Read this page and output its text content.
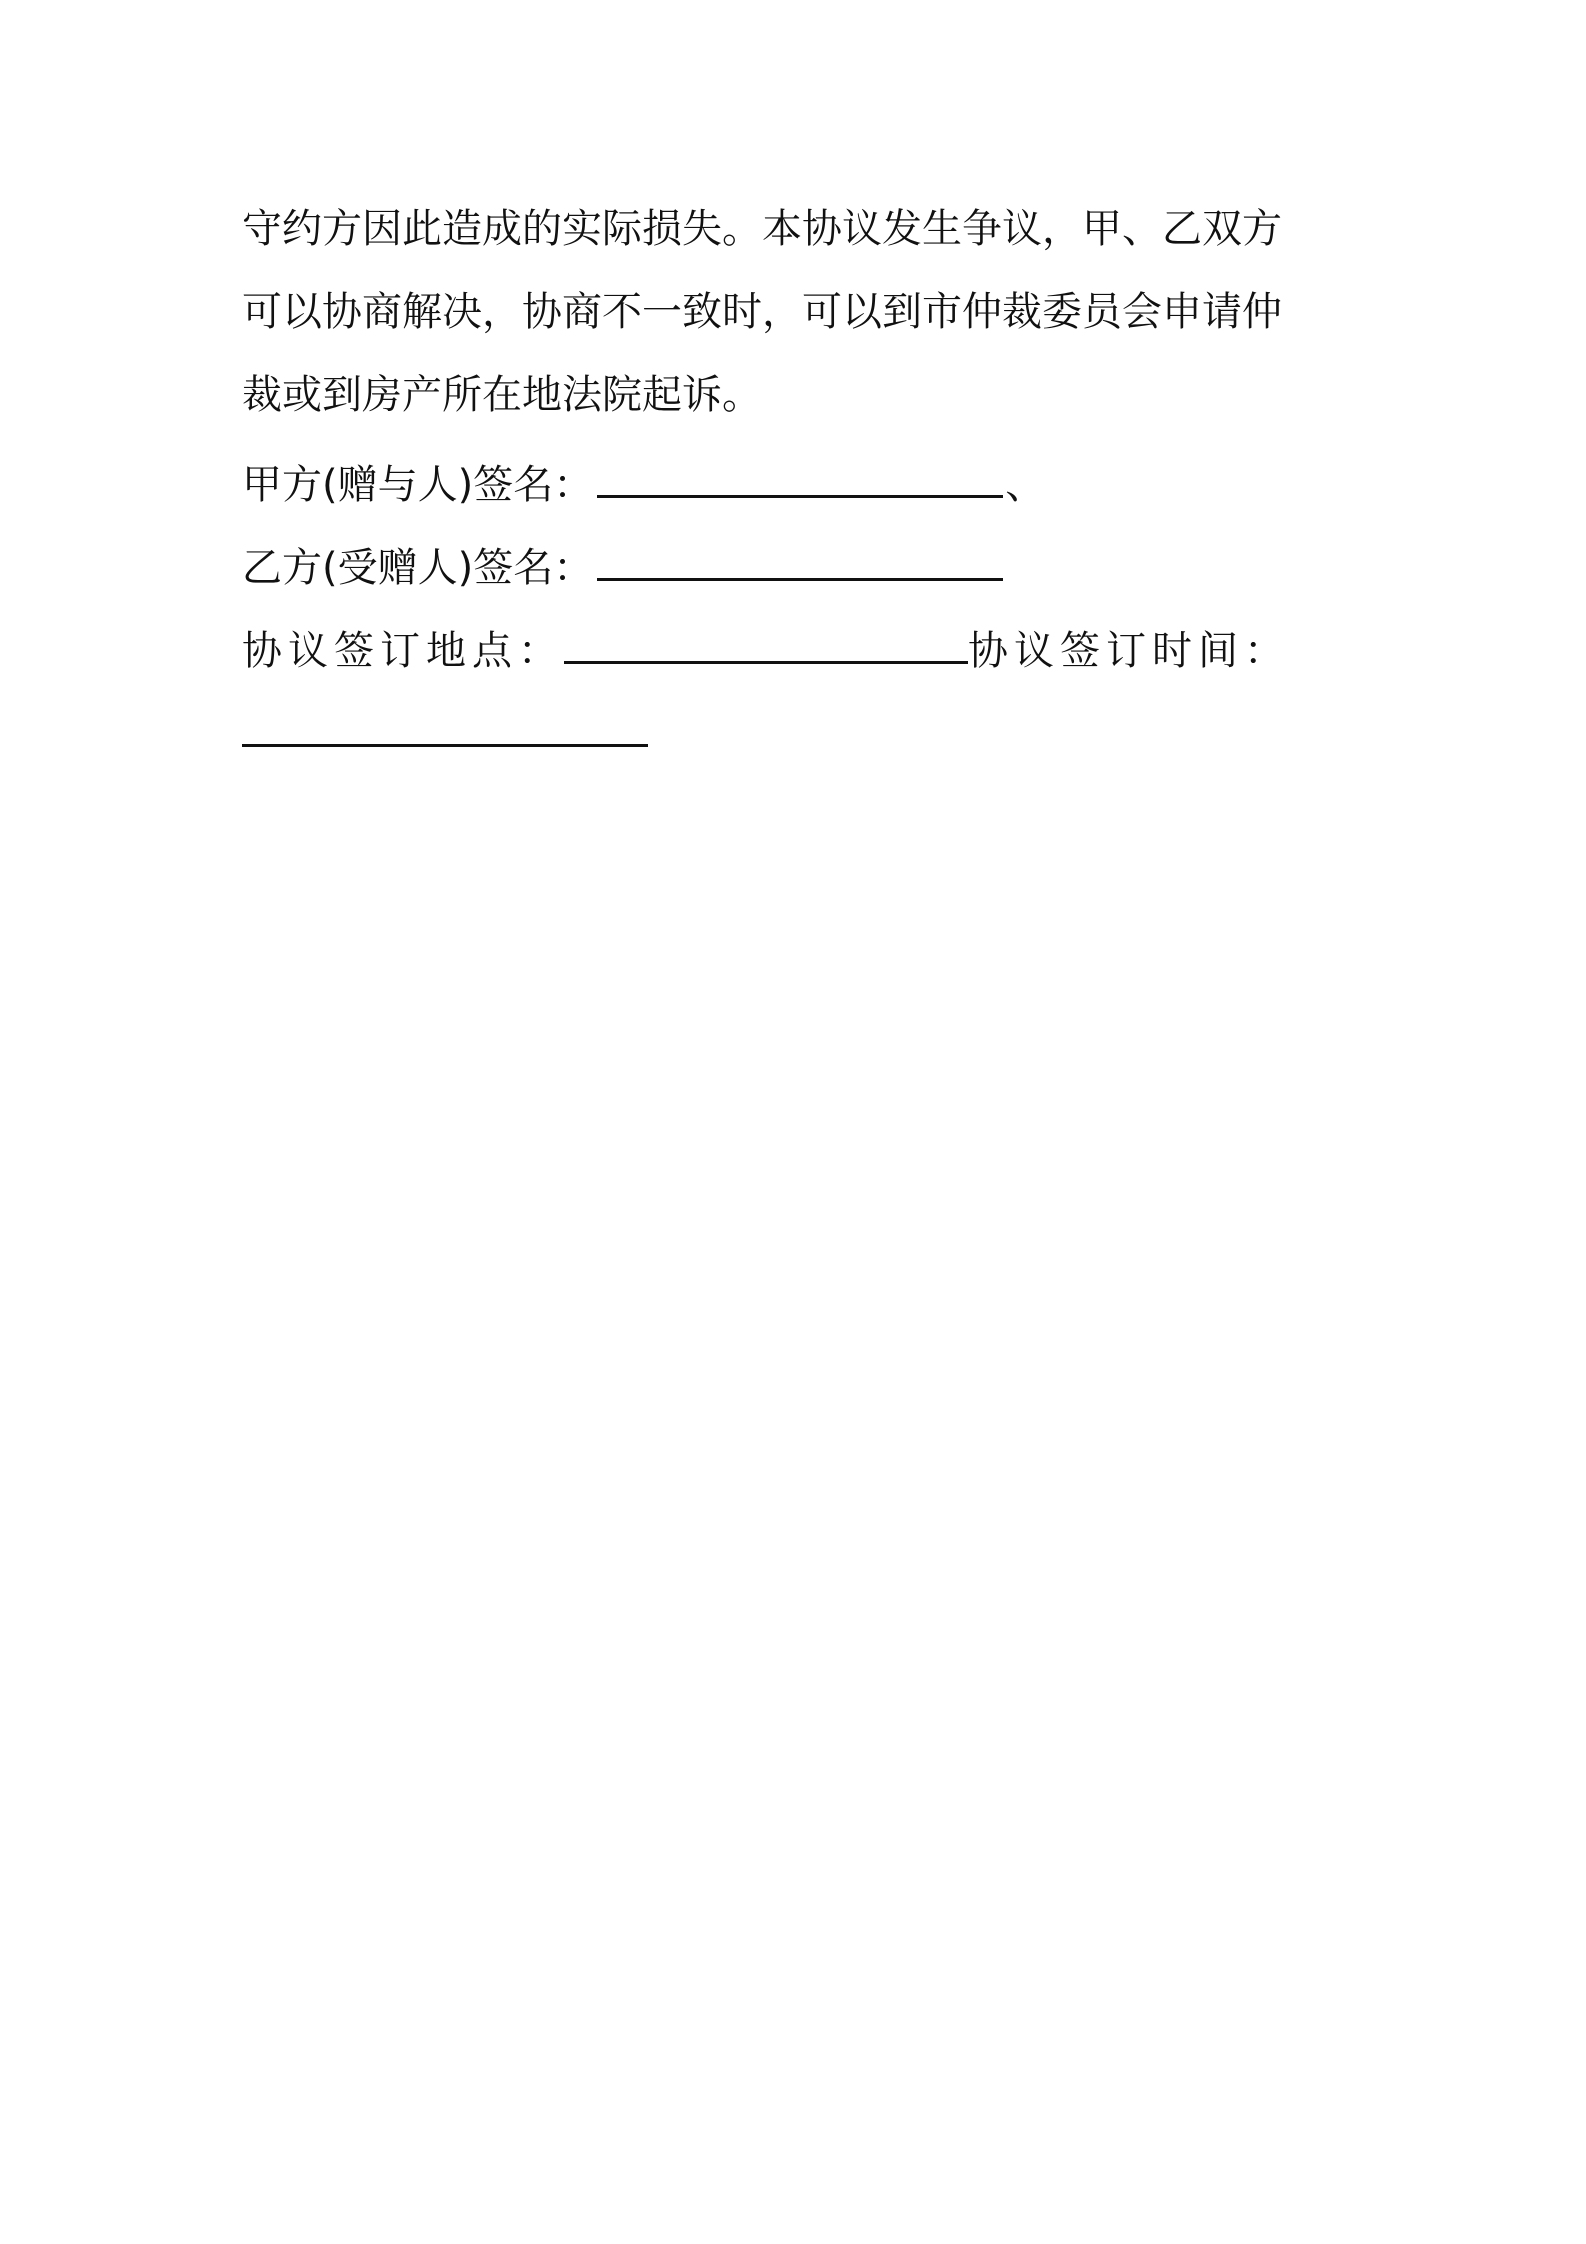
守约方因此造成的实际损失。本协议发生争议，甲、乙双方
可以协商解决，协商不一致时，可以到市仲裁委员会申请仲
裁或到房产所在地法院起诉。
甲方(赠与人)签名：	、
乙方(受赠人)签名：
协议签订地点：	协议签订时间：
